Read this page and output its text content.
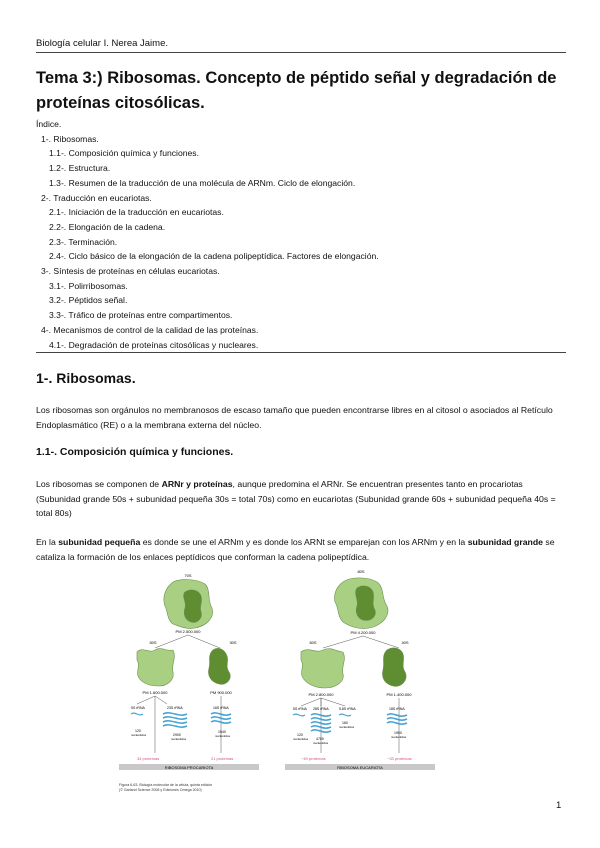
Biología celular I. Nerea Jaime.
Tema 3:) Ribosomas. Concepto de péptido señal y degradación de proteínas citosólicas.
Índice.
1-. Ribosomas.
1.1-. Composición química y funciones.
1.2-. Estructura.
1.3-. Resumen de la traducción de una molécula de ARNm. Ciclo de elongación.
2-. Traducción en eucariotas.
2.1-. Iniciación de la traducción en eucariotas.
2.2-. Elongación de la cadena.
2.3-. Terminación.
2.4-. Ciclo básico de la elongación de la cadena polipeptídica. Factores de elongación.
3-. Síntesis de proteínas en células eucariotas.
3.1-. Polirribosomas.
3.2-. Péptidos señal.
3.3-. Tráfico de proteínas entre compartimentos.
4-. Mecanismos de control de la calidad de las proteínas.
4.1-. Degradación de proteínas citosólicas y nucleares.
1-. Ribosomas.
Los ribosomas son orgánulos no membranosos de escaso tamaño que pueden encontrarse libres en al citosol o asociados al Retículo Endoplasmático (RE) o a la membrana externa del núcleo.
1.1-. Composición química y funciones.
Los ribosomas se componen de ARNr y proteínas, aunque predomina el ARNr. Se encuentran presentes tanto en procariotas (Subunidad grande 50s + subunidad pequeña 30s = total 70s) como en eucariotas (Subunidad grande 60s + subunidad pequeña 40s = total 80s)
En la subunidad pequeña es donde se une el ARNm y es donde los ARNt se emparejan con los ARNm y en la subunidad grande se cataliza la formación de los enlaces peptídicos que conforman la cadena polipeptídica.
70S
PM 2.500.000
50S	30S
PM 1.600.000	PM 900.000
5S rRNA	23S rRNA	16S rRNA
120
nucleótidos	2900
nucleótidos
1540
nucleótidos
34 proteínas	21 proteínas
RIBOSOMA PROCARIOTA
80S
PM 4.200.000
60S	40S
PM 2.800.000	PM 1.400.000
5S rRNA 28S rRNA	5.8S rRNA	18S rRNA
120
nucleótidos 4700
nucleótidos
160
nucleótidos
1900
nucleótidos
~49 proteínas	~33 proteínas
RIBOSOMA EUCARIOTA
Figura 6-63. Biología molecular de la célula, quinta edición
(© Garland Science 2008 y Ediciones Omega 2010)
1
